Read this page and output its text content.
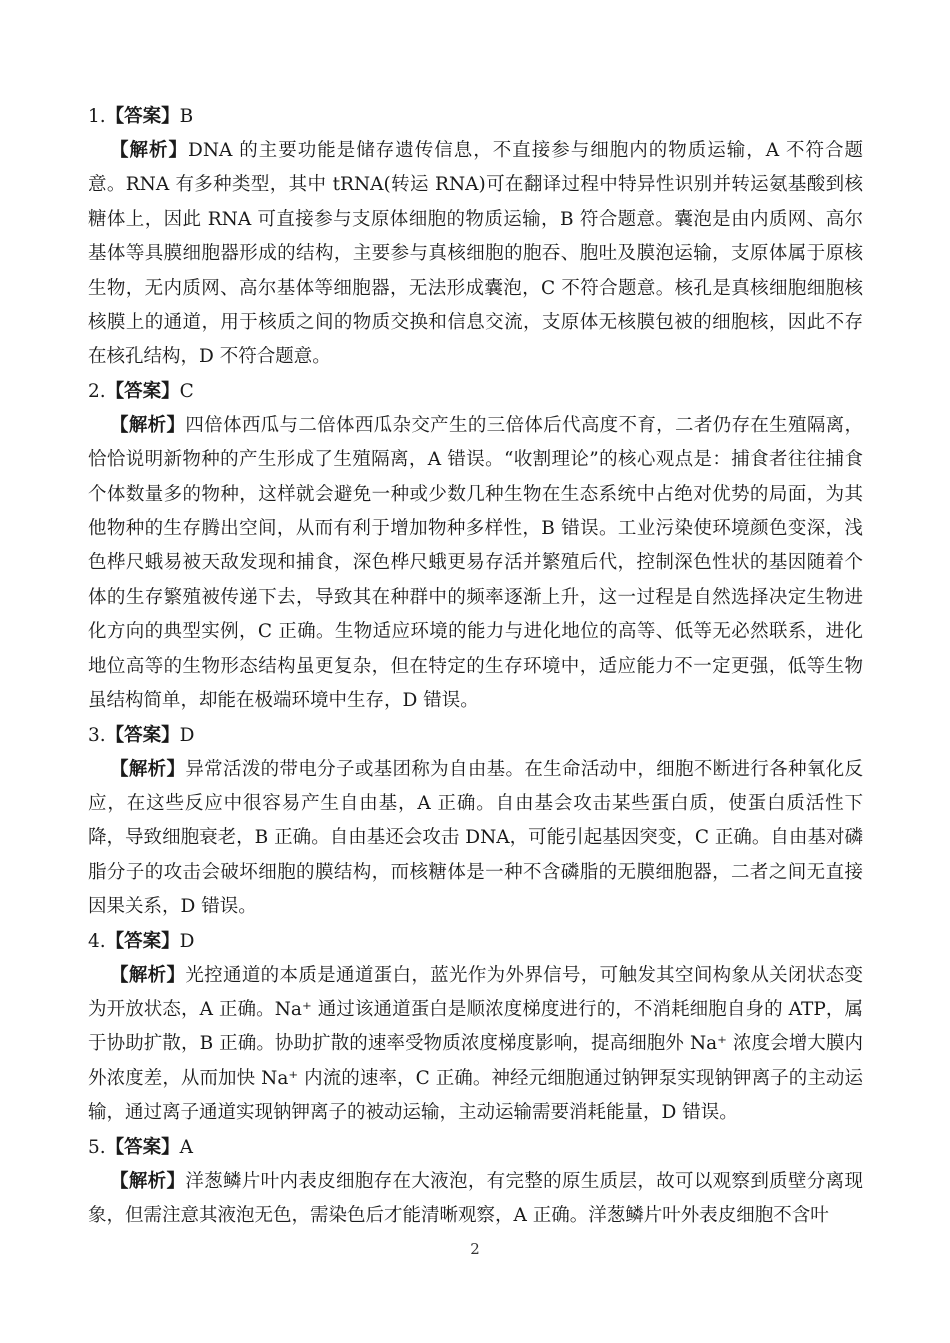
1.【答案】B

【解析】DNA 的主要功能是储存遗传信息，不直接参与细胞内的物质运输，A 不符合题意。RNA 有多种类型，其中 tRNA(转运 RNA)可在翻译过程中特异性识别并转运氨基酸到核糖体上，因此 RNA 可直接参与支原体细胞的物质运输，B 符合题意。囊泡是由内质网、高尔基体等具膜细胞器形成的结构，主要参与真核细胞的胞吞、胞吐及膜泡运输，支原体属于原核生物，无内质网、高尔基体等细胞器，无法形成囊泡，C 不符合题意。核孔是真核细胞细胞核核膜上的通道，用于核质之间的物质交换和信息交流，支原体无核膜包被的细胞核，因此不存在核孔结构，D 不符合题意。

2.【答案】C

【解析】四倍体西瓜与二倍体西瓜杂交产生的三倍体后代高度不育，二者仍存在生殖隔离，恰恰说明新物种的产生形成了生殖隔离，A 错误。“收割理论”的核心观点是：捕食者往往捕食个体数量多的物种，这样就会避免一种或少数几种生物在生态系统中占绝对优势的局面，为其他物种的生存腾出空间，从而有利于增加物种多样性，B 错误。工业污染使环境颜色变深，浅色桦尺蛾易被天敌发现和捕食，深色桦尺蛾更易存活并繁殖后代，控制深色性状的基因随着个体的生存繁殖被传递下去，导致其在种群中的频率逐渐上升，这一过程是自然选择决定生物进化方向的典型实例，C 正确。生物适应环境的能力与进化地位的高等、低等无必然联系，进化地位高等的生物形态结构虽更复杂，但在特定的生存环境中，适应能力不一定更强，低等生物虽结构简单，却能在极端环境中生存，D 错误。

3.【答案】D

【解析】异常活泼的带电分子或基团称为自由基。在生命活动中，细胞不断进行各种氧化反应，在这些反应中很容易产生自由基，A 正确。自由基会攻击某些蛋白质，使蛋白质活性下降，导致细胞衰老，B 正确。自由基还会攻击 DNA，可能引起基因突变，C 正确。自由基对磷脂分子的攻击会破坏细胞的膜结构，而核糖体是一种不含磷脂的无膜细胞器，二者之间无直接因果关系，D 错误。

4.【答案】D

【解析】光控通道的本质是通道蛋白，蓝光作为外界信号，可触发其空间构象从关闭状态变为开放状态，A 正确。Na⁺ 通过该通道蛋白是顺浓度梯度进行的，不消耗细胞自身的 ATP，属于协助扩散，B 正确。协助扩散的速率受物质浓度梯度影响，提高细胞外 Na⁺ 浓度会增大膜内外浓度差，从而加快 Na⁺ 内流的速率，C 正确。神经元细胞通过钠钾泵实现钠钾离子的主动运输，通过离子通道实现钠钾离子的被动运输，主动运输需要消耗能量，D 错误。

5.【答案】A

【解析】洋葱鳞片叶内表皮细胞存在大液泡，有完整的原生质层，故可以观察到质壁分离现象，但需注意其液泡无色，需染色后才能清晰观察，A 正确。洋葱鳞片叶外表皮细胞不含叶

2
